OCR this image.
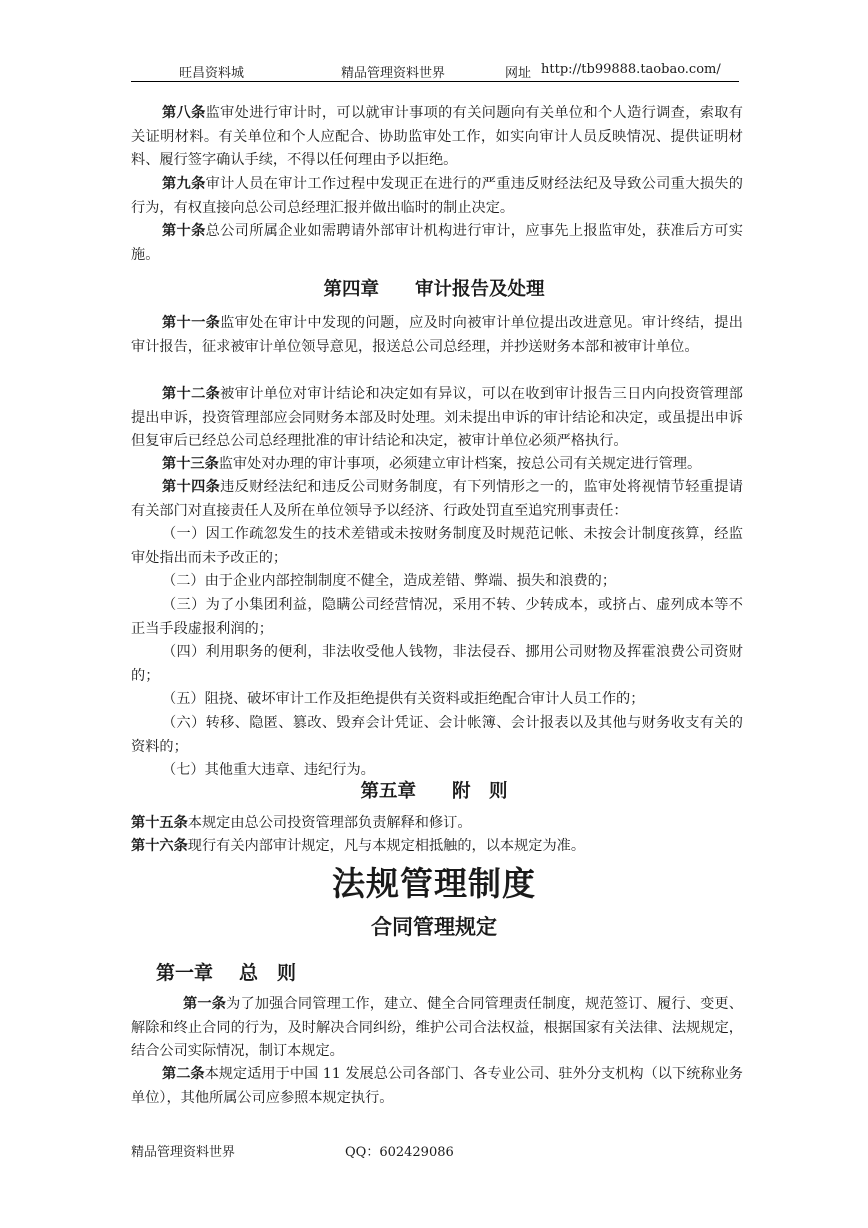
旺昌资料城	精品管理资料世界	网址 http://tb99888.taobao.com/

第八条监审处进行审计时，可以就审计事项的有关问题向有关单位和个人造行调查，索取有关证明材料。有关单位和个人应配合、协助监审处工作，如实向审计人员反映情况、提供证明材料、履行签字确认手续，不得以任何理由予以拒绝。

第九条审计人员在审计工作过程中发现正在进行的严重违反财经法纪及导致公司重大损失的行为，有权直接向总公司总经理汇报并做出临时的制止决定。

第十条总公司所属企业如需聘请外部审计机构进行审计，应事先上报监审处，获准后方可实施。

第四章 审计报告及处理

第十一条监审处在审计中发现的问题，应及时向被审计单位提出改进意见。审计终结，提出审计报告，征求被审计单位领导意见，报送总公司总经理，并抄送财务本部和被审计单位。

第十二条被审计单位对审计结论和决定如有异议，可以在收到审计报告三日内向投资管理部提出申诉，投资管理部应会同财务本部及时处理。刘未提出申诉的审计结论和决定，或虽提出申诉但复审后已经总公司总经理批准的审计结论和决定，被审计单位必须严格执行。

第十三条监审处对办理的审计事项，必须建立审计档案，按总公司有关规定进行管理。

第十四条违反财经法纪和违反公司财务制度，有下列情形之一的，监审处将视情节轻重提请有关部门对直接责任人及所在单位领导予以经济、行政处罚直至追究刑事责任：

（一）因工作疏忽发生的技术差错或未按财务制度及时规范记帐、未按会计制度孩算，经监审处指出而未予改正的；

（二）由于企业内部控制制度不健全，造成差错、弊端、损失和浪费的；

（三）为了小集团利益，隐瞒公司经营情况，采用不转、少转成本，或挤占、虚列成本等不正当手段虚报利润的；

（四）利用职务的便利，非法收受他人钱物，非法侵吞、挪用公司财物及挥霍浪费公司资财的；

（五）阻挠、破坏审计工作及拒绝提供有关资料或拒绝配合审计人员工作的；

（六）转移、隐匿、篡改、毁弃会计凭证、会计帐簿、会计报表以及其他与财务收支有关的资料的；

（七）其他重大违章、违纪行为。

第五章 附　则

第十五条本规定由总公司投资管理部负责解释和修订。

第十六条现行有关内部审计规定，凡与本规定相抵触的，以本规定为准。

法规管理制度
合同管理规定
第一章 总　则

第一条为了加强合同管理工作，建立、健全合同管理责任制度，规范签订、履行、变更、解除和终止合同的行为，及时解决合同纠纷，维护公司合法权益，根据国家有关法律、法规规定，结合公司实际情况，制订本规定。

第二条本规定适用于中国 11 发展总公司各部门、各专业公司、驻外分支机构（以下统称业务单位），其他所属公司应参照本规定执行。

精品管理资料世界	QQ：602429086
